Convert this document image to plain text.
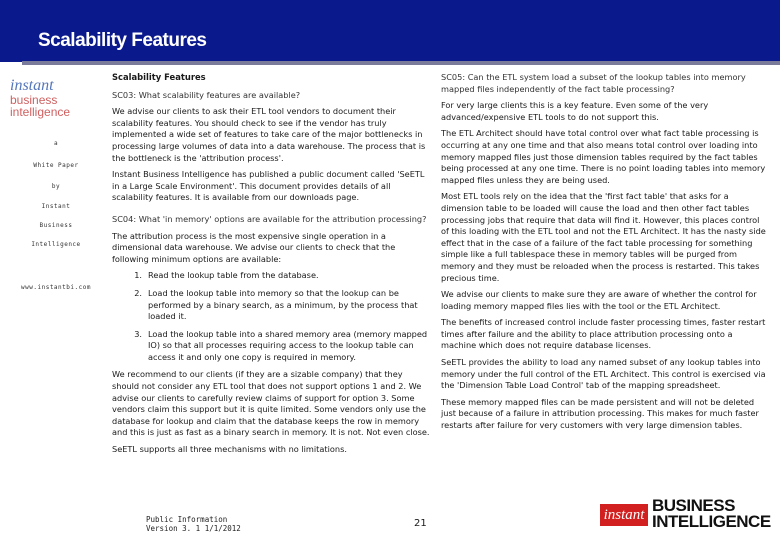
Scalability Features
instant
business
intelligence
a
White Paper
by
Instant
Business
Intelligence
www.instantbi.com
Scalability Features

SC03: What scalability features are available?

We advise our clients to ask their ETL tool vendors to document their scalability features. You should check to see if the vendor has truly implemented a wide set of features to take care of the major bottlenecks in processing large volumes of data into a data warehouse. The process that is the bottleneck is the 'attribution process'.

Instant Business Intelligence has published a public document called 'SeETL in a Large Scale Environment'. This document provides details of all scalability features. It is available from our downloads page.

SC04: What 'in memory' options are available for the attribution processing?

The attribution process is the most expensive single operation in a dimensional data warehouse. We advise our clients to check that the following minimum options are available:

1. Read the lookup table from the database.
2. Load the lookup table into memory so that the lookup can be performed by a binary search, as a minimum, by the process that loaded it.
3. Load the lookup table into a shared memory area (memory mapped IO) so that all processes requiring access to the lookup table can access it and only one copy is required in memory.

We recommend to our clients (if they are a sizable company) that they should not consider any ETL tool that does not support options 1 and 2. We advise our clients to carefully review claims of support for option 3. Some vendors claim this support but it is quite limited. Some vendors only use the database for lookup and claim that the database keeps the row in memory and this is just as fast as a binary search in memory. It is not. Not even close.

SeETL supports all three mechanisms with no limitations.

SC05: Can the ETL system load a subset of the lookup tables into memory mapped files independently of the fact table processing?

For very large clients this is a key feature. Even some of the very advanced/expensive ETL tools to do not support this.

The ETL Architect should have total control over what fact table processing is occurring at any one time and that also means total control over loading into memory mapped files just those dimension tables required by the fact tables being processed at any one time. There is no point loading tables into memory mapped files unless they are being used.

Most ETL tools rely on the idea that the 'first fact table' that asks for a dimension table to be loaded will cause the load and then other fact tables processing jobs that require that data will find it. However, this places control of this loading with the ETL tool and not the ETL Architect. It has the nasty side effect that in the case of a failure of the fact table processing for something simple like a full tablespace these in memory tables will be purged from memory and they must be reloaded when the process is restarted. This takes precious time.

We advise our clients to make sure they are aware of whether the control for loading memory mapped files lies with the tool or the ETL Architect.

The benefits of increased control include faster processing times, faster restart times after failure and the ability to place attribution processing onto a machine which does not require database licenses.

SeETL provides the ability to load any named subset of any lookup tables into memory under the full control of the ETL Architect. This control is exercised via the 'Dimension Table Load Control' tab of the mapping spreadsheet.

These memory mapped files can be made persistent and will not be deleted just because of a failure in attribution processing. This makes for much faster restarts after failure for very customers with very large dimension tables.

Public Information
Version 3. 1 1/1/2012	21
instant BUSINESS
INTELLIGENCE
